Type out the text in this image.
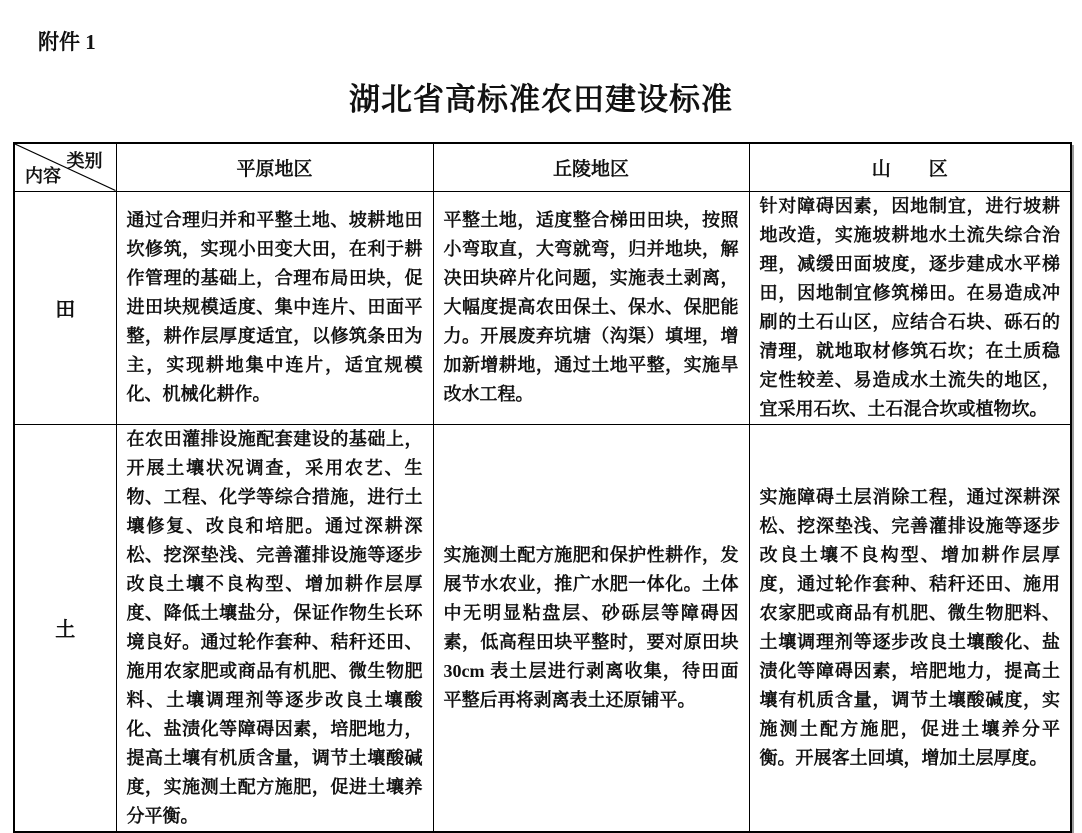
附件 1
湖北省高标准农田建设标准
类别
内容	平原地区	丘陵地区	山　　区
田	通过合理归并和平整土地、坡耕地田坎修筑，实现小田变大田，在利于耕作管理的基础上，合理布局田块，促进田块规模适度、集中连片、田面平整，耕作层厚度适宜，以修筑条田为主，实现耕地集中连片，适宜规模化、机械化耕作。	平整土地，适度整合梯田田块，按照小弯取直，大弯就弯，归并地块，解决田块碎片化问题，实施表土剥离，大幅度提高农田保土、保水、保肥能力。开展废弃坑塘（沟渠）填埋，增加新增耕地，通过土地平整，实施旱改水工程。	针对障碍因素，因地制宜，进行坡耕地改造，实施坡耕地水土流失综合治理，减缓田面坡度，逐步建成水平梯田，因地制宜修筑梯田。在易造成冲刷的土石山区，应结合石块、砾石的清理，就地取材修筑石坎；在土质稳定性较差、易造成水土流失的地区，宜采用石坎、土石混合坎或植物坎。

土	在农田灌排设施配套建设的基础上，开展土壤状况调查，采用农艺、生物、工程、化学等综合措施，进行土壤修复、改良和培肥。通过深耕深松、挖深垫浅、完善灌排设施等逐步改良土壤不良构型、增加耕作层厚度、降低土壤盐分，保证作物生长环境良好。通过轮作套种、秸秆还田、施用农家肥或商品有机肥、微生物肥料、土壤调理剂等逐步改良土壤酸化、盐渍化等障碍因素，培肥地力，提高土壤有机质含量，调节土壤酸碱度，实施测土配方施肥，促进土壤养分平衡。	实施测土配方施肥和保护性耕作，发展节水农业，推广水肥一体化。土体中无明显粘盘层、砂砾层等障碍因素，低高程田块平整时，要对原田块 30cm 表土层进行剥离收集，待田面平整后再将剥离表土还原铺平。	实施障碍土层消除工程，通过深耕深松、挖深垫浅、完善灌排设施等逐步改良土壤不良构型、增加耕作层厚度，通过轮作套种、秸秆还田、施用农家肥或商品有机肥、微生物肥料、土壤调理剂等逐步改良土壤酸化、盐渍化等障碍因素，培肥地力，提高土壤有机质含量，调节土壤酸碱度，实施测土配方施肥，促进土壤养分平衡。开展客土回填，增加土层厚度。
